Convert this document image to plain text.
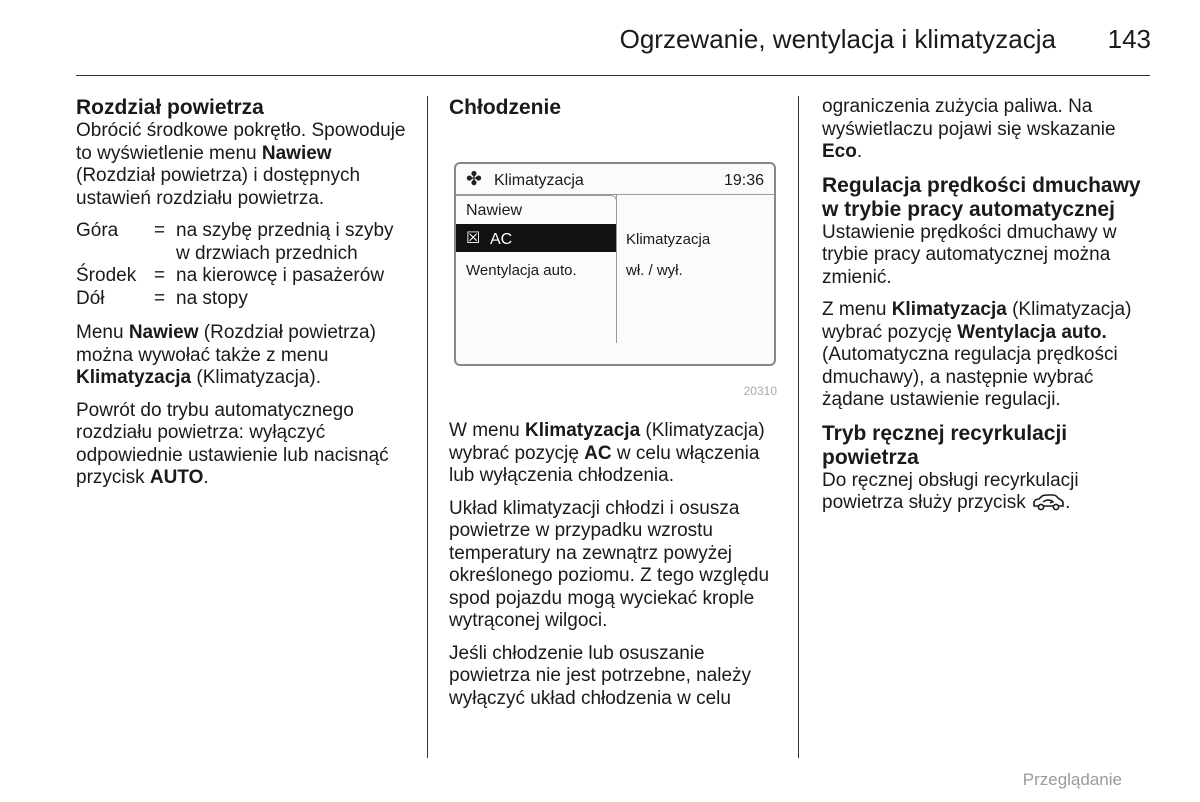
Ogrzewanie, wentylacja i klimatyzacja 143
Rozdział powietrza

Obrócić środkowe pokrętło. Spowoduje to wyświetlenie menu Nawiew (Rozdział powietrza) i dostępnych ustawień rozdziału powietrza.

Góra	= na szybę przednią i szyby w drzwiach przednich
Środek = na kierowcę i pasażerów
Dół	= na stopy

Menu Nawiew (Rozdział powietrza) można wywołać także z menu Klimatyzacja (Klimatyzacja).

Powrót do trybu automatycznego rozdziału powietrza: wyłączyć odpowiednie ustawienie lub nacisnąć przycisk AUTO.

Chłodzenie
✤ Klimatyzacja	19:36
Nawiew
☒ AC
Wentylacja auto.
Klimatyzacja
wł. / wył.
20310

W menu Klimatyzacja (Klimatyzacja) wybrać pozycję AC w celu włączenia lub wyłączenia chłodzenia.

Układ klimatyzacji chłodzi i osusza powietrze w przypadku wzrostu temperatury na zewnątrz powyżej określonego poziomu. Z tego względu spod pojazdu mogą wyciekać krople wytrąconej wilgoci.

Jeśli chłodzenie lub osuszanie powietrza nie jest potrzebne, należy wyłączyć układ chłodzenia w celu

ograniczenia zużycia paliwa. Na wyświetlaczu pojawi się wskazanie Eco.

Regulacja prędkości dmuchawy w trybie pracy automatycznej

Ustawienie prędkości dmuchawy w trybie pracy automatycznej można zmienić.

Z menu Klimatyzacja (Klimatyzacja) wybrać pozycję Wentylacja auto. (Automatyczna regulacja prędkości dmuchawy), a następnie wybrać żądane ustawienie regulacji.

Tryb ręcznej recyrkulacji powietrza

Do ręcznej obsługi recyrkulacji powietrza służy przycisk .

Przeglądanie
